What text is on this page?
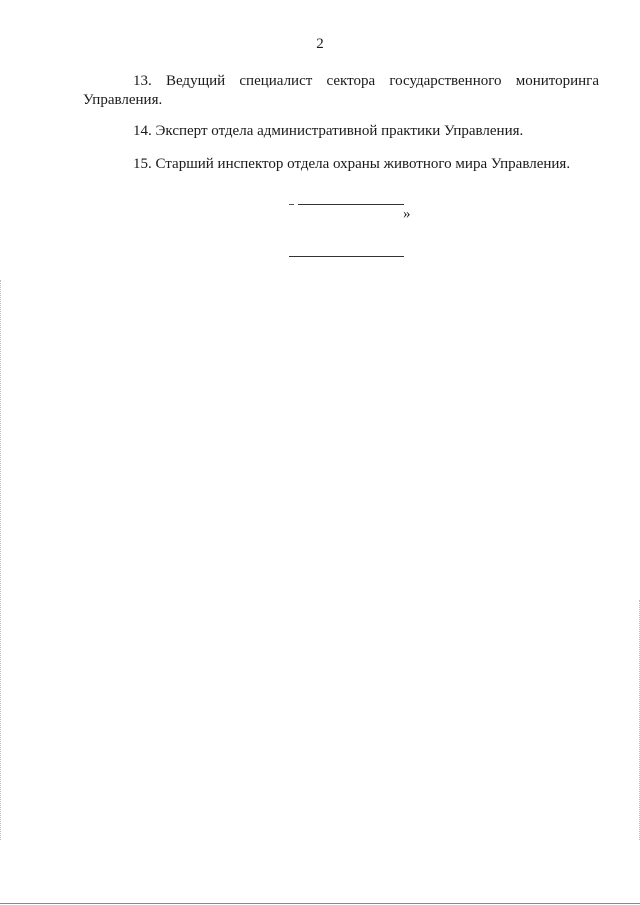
2
13. Ведущий специалист сектора государственного мониторинга Управления.
14. Эксперт отдела административной практики Управления.
15. Старший инспектор отдела охраны животного мира Управления.
»
